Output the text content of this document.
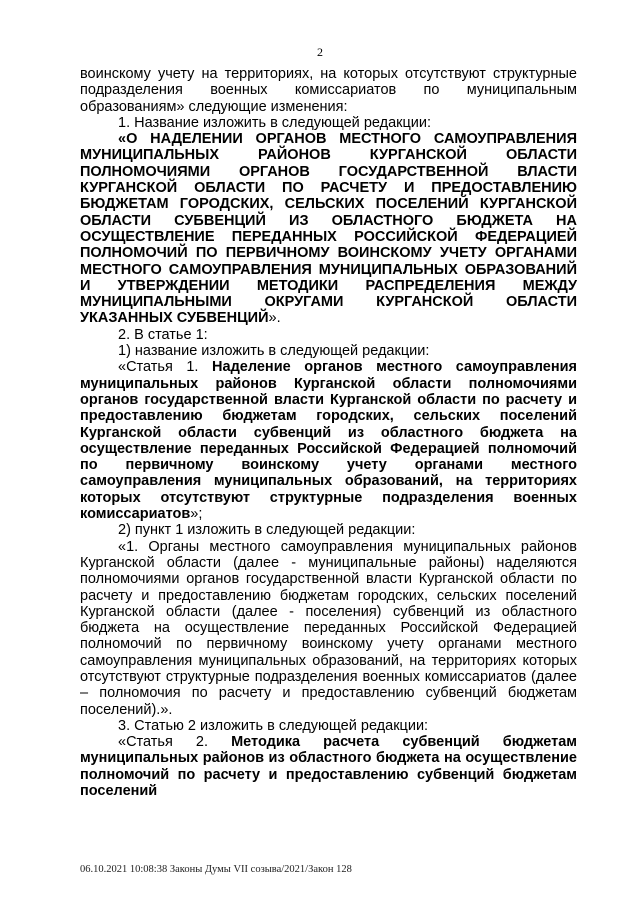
2

воинскому учету на территориях, на которых отсутствуют структурные подразделения военных комиссариатов по муниципальным образованиям» следующие изменения:

1. Название изложить в следующей редакции:

«О НАДЕЛЕНИИ ОРГАНОВ МЕСТНОГО САМОУПРАВЛЕНИЯ МУНИЦИПАЛЬНЫХ РАЙОНОВ КУРГАНСКОЙ ОБЛАСТИ ПОЛНОМОЧИЯМИ ОРГАНОВ ГОСУДАРСТВЕННОЙ ВЛАСТИ КУРГАНСКОЙ ОБЛАСТИ ПО РАСЧЕТУ И ПРЕДОСТАВЛЕНИЮ БЮДЖЕТАМ ГОРОДСКИХ, СЕЛЬСКИХ ПОСЕЛЕНИЙ КУРГАНСКОЙ ОБЛАСТИ СУБВЕНЦИЙ ИЗ ОБЛАСТНОГО БЮДЖЕТА НА ОСУЩЕСТВЛЕНИЕ ПЕРЕДАННЫХ РОССИЙСКОЙ ФЕДЕРАЦИЕЙ ПОЛНОМОЧИЙ ПО ПЕРВИЧНОМУ ВОИНСКОМУ УЧЕТУ ОРГАНАМИ МЕСТНОГО САМОУПРАВЛЕНИЯ МУНИЦИПАЛЬНЫХ ОБРАЗОВАНИЙ И УТВЕРЖДЕНИИ МЕТОДИКИ РАСПРЕДЕЛЕНИЯ МЕЖДУ МУНИЦИПАЛЬНЫМИ ОКРУГАМИ КУРГАНСКОЙ ОБЛАСТИ УКАЗАННЫХ СУБВЕНЦИЙ».

2. В статье 1:

1) название изложить в следующей редакции:

«Статья 1. Наделение органов местного самоуправления муниципальных районов Курганской области полномочиями органов государственной власти Курганской области по расчету и предоставлению бюджетам городских, сельских поселений Курганской области субвенций из областного бюджета на осуществление переданных Российской Федерацией полномочий по первичному воинскому учету органами местного самоуправления муниципальных образований, на территориях которых отсутствуют структурные подразделения военных комиссариатов»;

2) пункт 1 изложить в следующей редакции:

«1. Органы местного самоуправления муниципальных районов Курганской области (далее - муниципальные районы) наделяются полномочиями органов государственной власти Курганской области по расчету и предоставлению бюджетам городских, сельских поселений Курганской области (далее - поселения) субвенций из областного бюджета на осуществление переданных Российской Федерацией полномочий по первичному воинскому учету органами местного самоуправления муниципальных образований, на территориях которых отсутствуют структурные подразделения военных комиссариатов (далее – полномочия по расчету и предоставлению субвенций бюджетам поселений).».

3. Статью 2 изложить в следующей редакции:

«Статья 2. Методика расчета субвенций бюджетам муниципальных районов из областного бюджета на осуществление полномочий по расчету и предоставлению субвенций бюджетам поселений

06.10.2021 10:08:38 Законы Думы VII созыва/2021/Закон 128
